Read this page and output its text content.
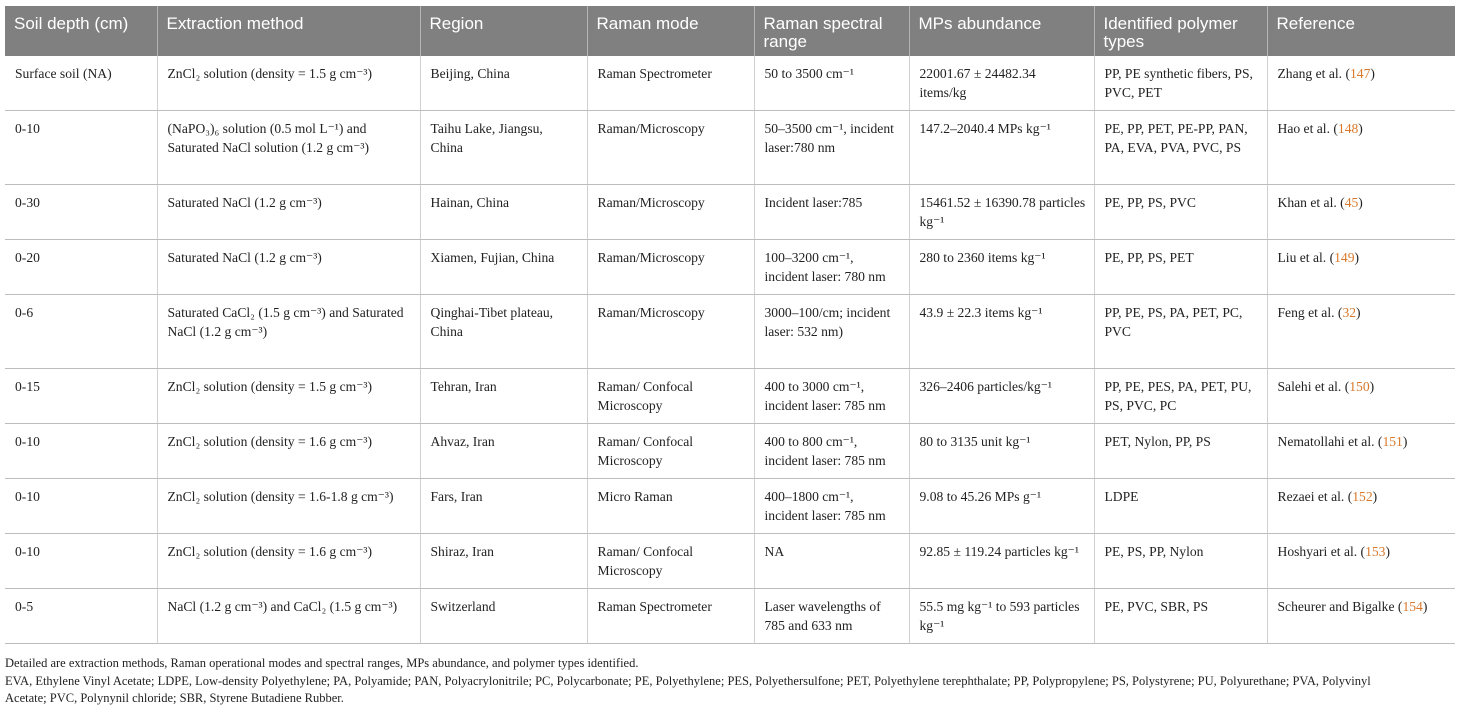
Soil depth (cm)	Extraction method	Region	Raman mode	Raman spectral range	MPs abundance	Identified polymer types	Reference
Surface soil (NA)	ZnCl₂ solution (density = 1.5 g cm⁻³)	Beijing, China	Raman Spectrometer	50 to 3500 cm⁻¹	22001.67 ± 24482.34 items/kg	PP, PE synthetic fibers, PS, PVC, PET	Zhang et al. (147)
0-10	(NaPO₃)₆ solution (0.5 mol L⁻¹) and Saturated NaCl solution (1.2 g cm⁻³)	Taihu Lake, Jiangsu, China	Raman/Microscopy	50–3500 cm⁻¹, incident laser:780 nm	147.2–2040.4 MPs kg⁻¹	PE, PP, PET, PE-PP, PAN, PA, EVA, PVA, PVC, PS	Hao et al. (148)
0-30	Saturated NaCl (1.2 g cm⁻³)	Hainan, China	Raman/Microscopy	Incident laser:785	15461.52 ± 16390.78 particles kg⁻¹	PE, PP, PS, PVC	Khan et al. (45)
0-20	Saturated NaCl (1.2 g cm⁻³)	Xiamen, Fujian, China	Raman/Microscopy	100–3200 cm⁻¹, incident laser: 780 nm	280 to 2360 items kg⁻¹	PE, PP, PS, PET	Liu et al. (149)
0-6	Saturated CaCl₂ (1.5 g cm⁻³) and Saturated NaCl (1.2 g cm⁻³)	Qinghai-Tibet plateau, China	Raman/Microscopy	3000–100/cm; incident laser: 532 nm)	43.9 ± 22.3 items kg⁻¹	PP, PE, PS, PA, PET, PC, PVC	Feng et al. (32)
0-15	ZnCl₂ solution (density = 1.5 g cm⁻³)	Tehran, Iran	Raman/ Confocal Microscopy	400 to 3000 cm⁻¹, incident laser: 785 nm	326–2406 particles/kg⁻¹	PP, PE, PES, PA, PET, PU, PS, PVC, PC	Salehi et al. (150)
0-10	ZnCl₂ solution (density = 1.6 g cm⁻³)	Ahvaz, Iran	Raman/ Confocal Microscopy	400 to 800 cm⁻¹, incident laser: 785 nm	80 to 3135 unit kg⁻¹	PET, Nylon, PP, PS	Nematollahi et al. (151)
0-10	ZnCl₂ solution (density = 1.6-1.8 g cm⁻³)	Fars, Iran	Micro Raman	400–1800 cm⁻¹, incident laser: 785 nm	9.08 to 45.26 MPs g⁻¹	LDPE	Rezaei et al. (152)
0-10	ZnCl₂ solution (density = 1.6 g cm⁻³)	Shiraz, Iran	Raman/ Confocal Microscopy	NA	92.85 ± 119.24 particles kg⁻¹	PE, PS, PP, Nylon	Hoshyari et al. (153)
0-5	NaCl (1.2 g cm⁻³) and CaCl₂ (1.5 g cm⁻³)	Switzerland	Raman Spectrometer	Laser wavelengths of 785 and 633 nm	55.5 mg kg⁻¹ to 593 particles kg⁻¹	PE, PVC, SBR, PS	Scheurer and Bigalke (154)
Detailed are extraction methods, Raman operational modes and spectral ranges, MPs abundance, and polymer types identified.
EVA, Ethylene Vinyl Acetate; LDPE, Low-density Polyethylene; PA, Polyamide; PAN, Polyacrylonitrile; PC, Polycarbonate; PE, Polyethylene; PES, Polyethersulfone; PET, Polyethylene terephthalate; PP, Polypropylene; PS, Polystyrene; PU, Polyurethane; PVA, Polyvinyl
Acetate; PVC, Polynynil chloride; SBR, Styrene Butadiene Rubber.
